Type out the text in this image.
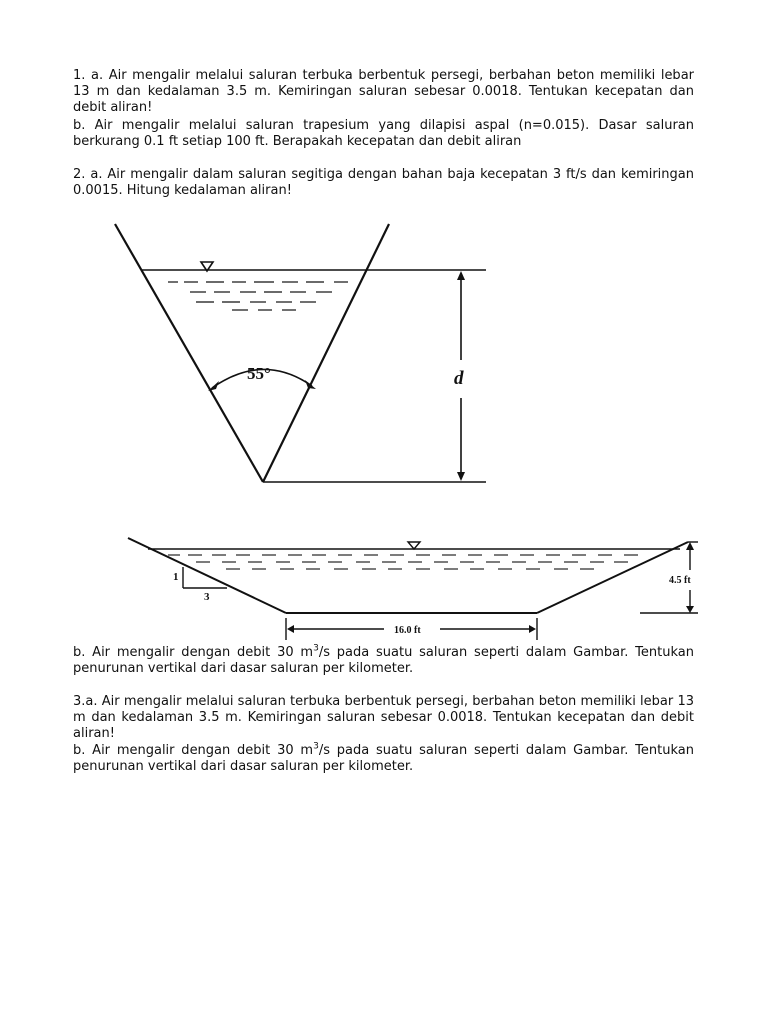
1. a. Air mengalir melalui saluran terbuka berbentuk persegi, berbahan beton memiliki lebar 13 m dan kedalaman 3.5 m. Kemiringan saluran sebesar 0.0018. Tentukan kecepatan dan debit aliran!

b. Air mengalir melalui saluran trapesium yang dilapisi aspal (n=0.015). Dasar saluran berkurang 0.1 ft setiap 100 ft. Berapakah kecepatan dan debit aliran

2. a. Air mengalir dalam saluran segitiga dengan bahan baja kecepatan 3 ft/s dan kemiringan 0.0015. Hitung kedalaman aliran!

55°	d
1
3
4.5 ft
16.0 ft

b. Air mengalir dengan debit 30 $m^3/s$ pada suatu saluran seperti dalam Gambar. Tentukan penurunan vertikal dari dasar saluran per kilometer.

3.a. Air mengalir melalui saluran terbuka berbentuk persegi, berbahan beton memiliki lebar 13 m dan kedalaman 3.5 m. Kemiringan saluran sebesar 0.0018. Tentukan kecepatan dan debit aliran!

b. Air mengalir dengan debit 30 $m^3/s$ pada suatu saluran seperti dalam Gambar. Tentukan penurunan vertikal dari dasar saluran per kilometer.
